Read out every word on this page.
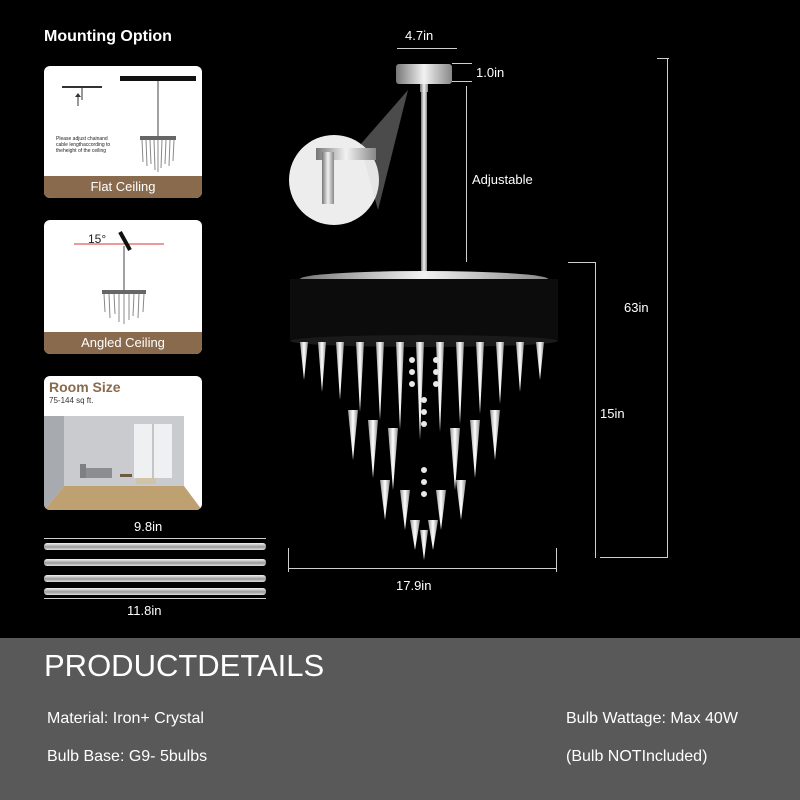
Mounting Option
Please adjust chainand
cable lengthaccording to
theheight of the ceiling
Flat Ceiling
15°
Angled Ceiling
Room Size
75-144 sq ft.
9.8in
11.8in
4.7in
1.0in
Adjustable
63in
15in
17.9in
PRODUCTDETAILS
Material: Iron+ Crystal
Bulb Base: G9- 5bulbs
Bulb Wattage: Max 40W
(Bulb NOTIncluded)
